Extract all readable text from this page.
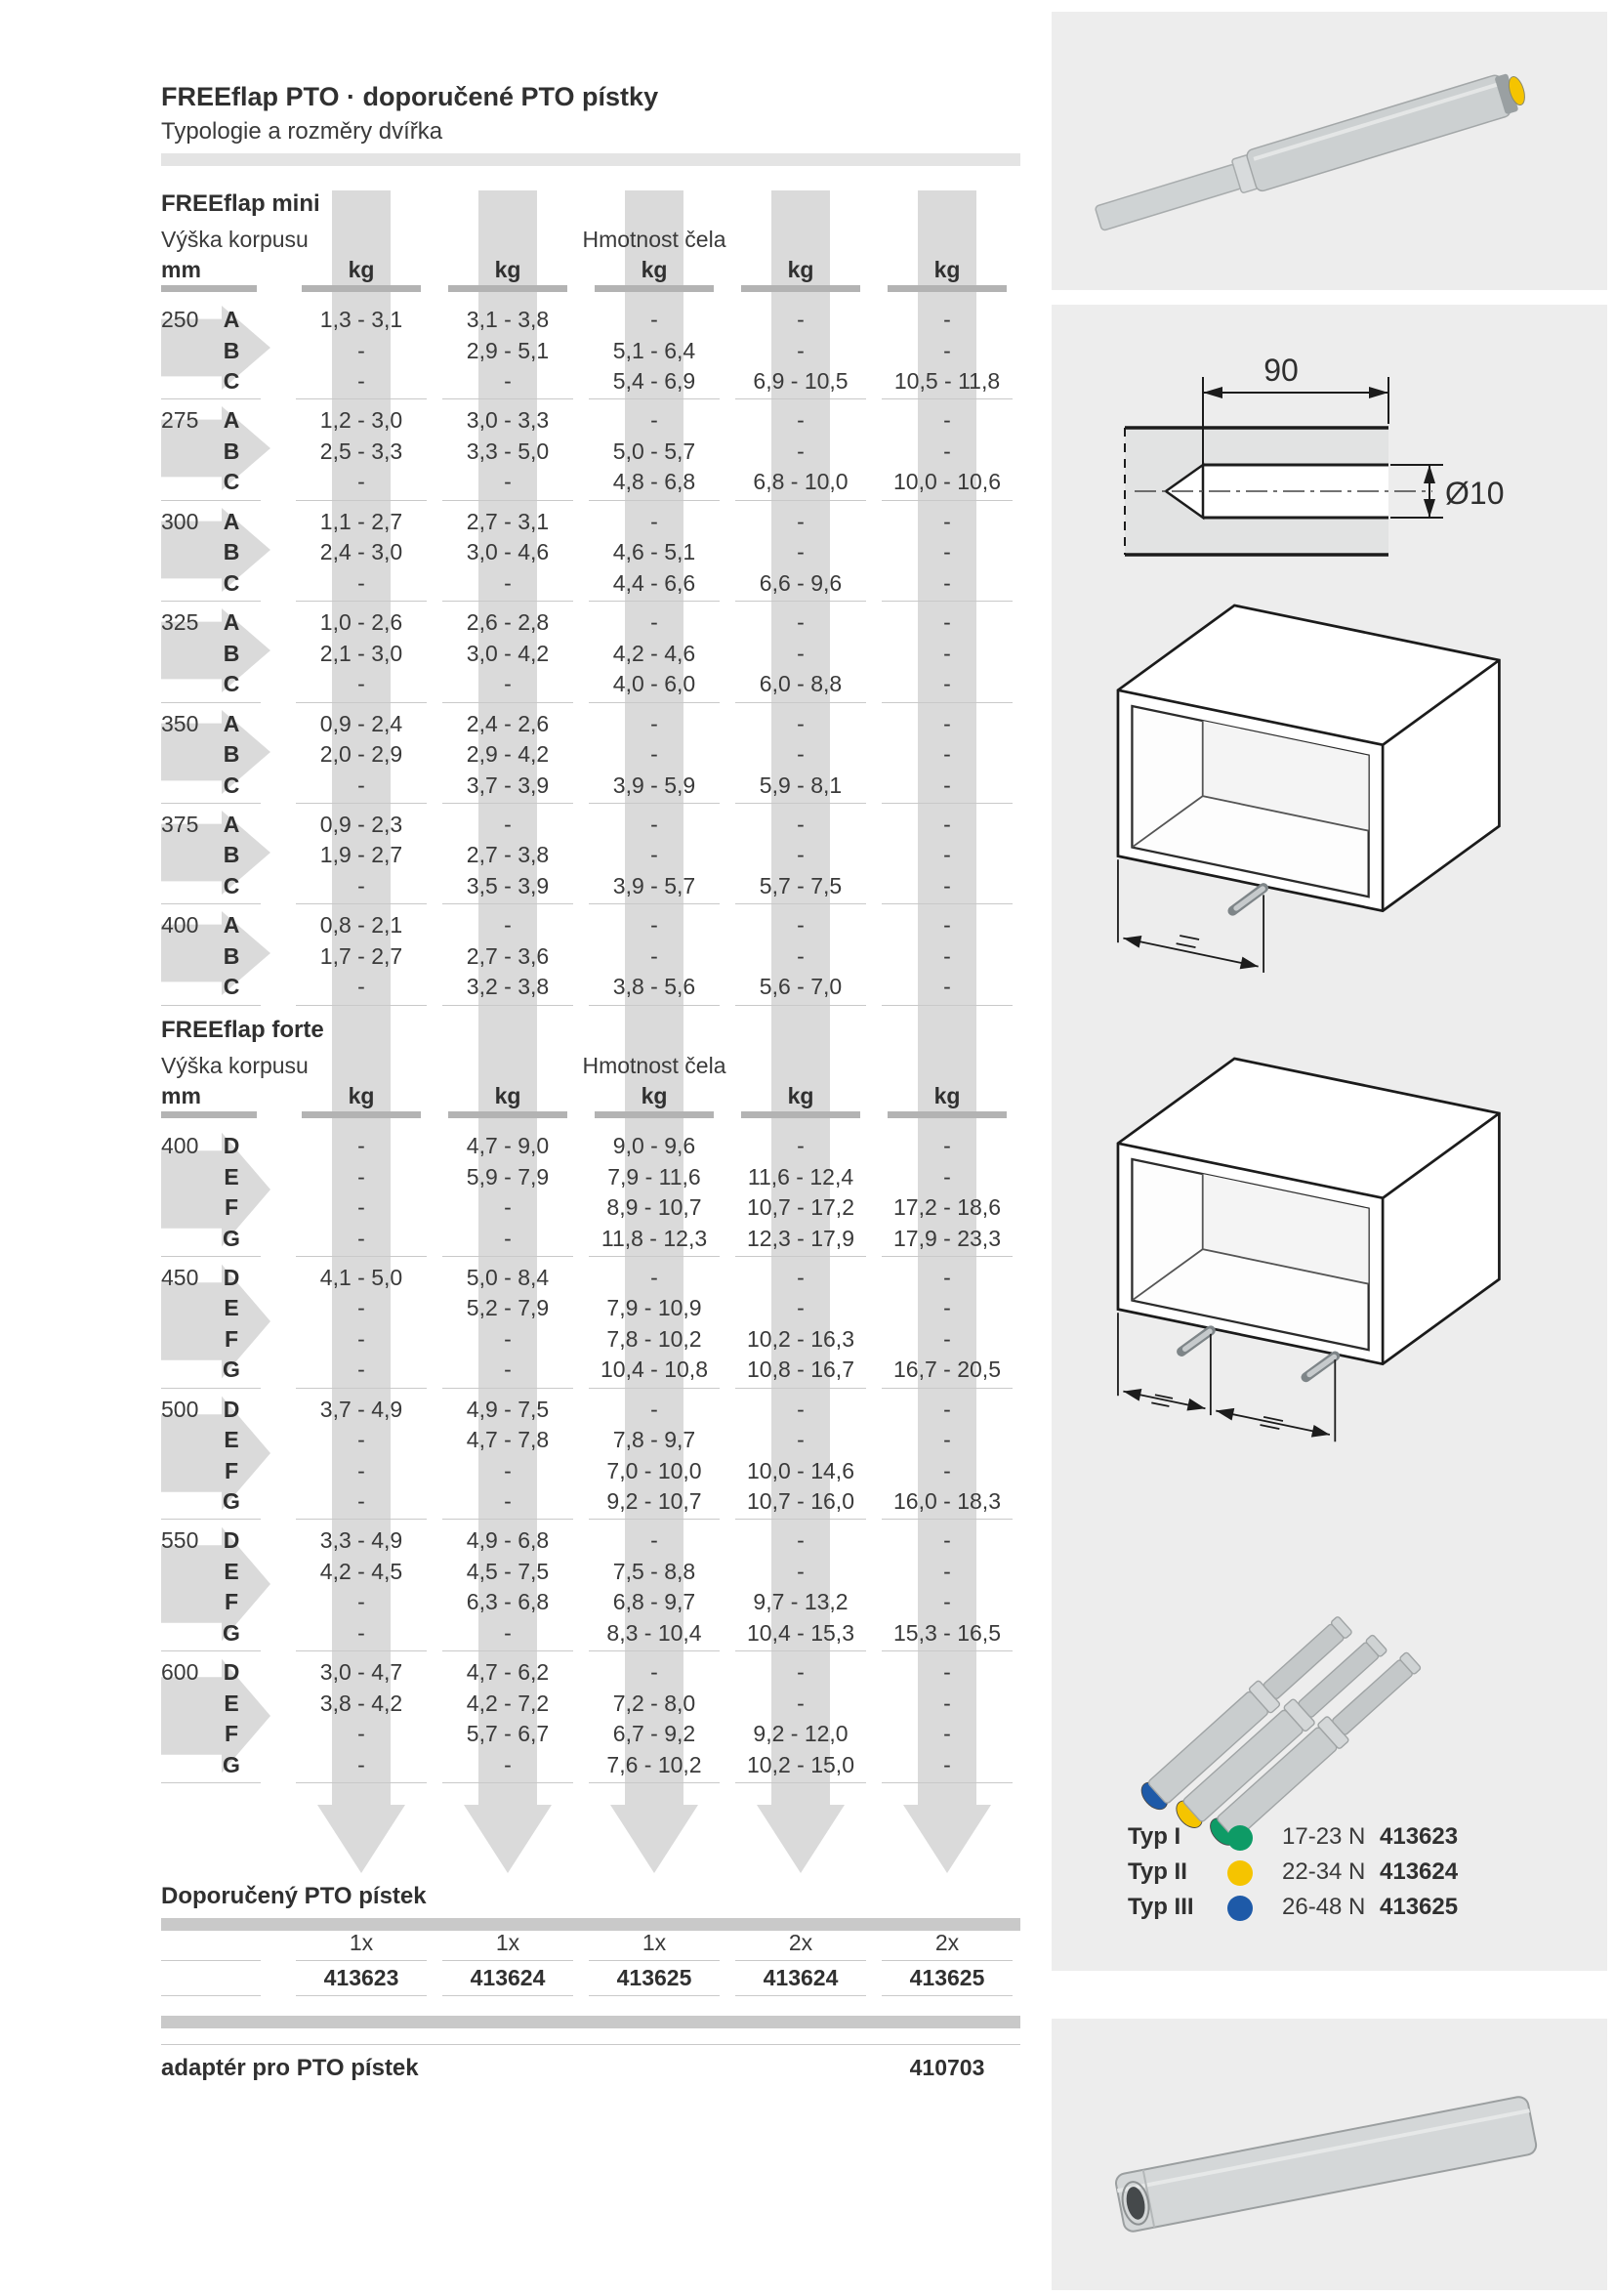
FREEflap PTO · doporučené PTO pístky
Typologie a rozměry dvířka
FREEflap mini
Výška korpusu	Hmotnost čela
mm	kg	kg	kg	kg	kg
250 A	1,3 - 3,1	3,1 - 3,8	-	-	-
B	-	2,9 - 5,1	5,1 - 6,4	-	-
C	-	-	5,4 - 6,9	6,9 - 10,5	10,5 - 11,8
275 A	1,2 - 3,0	3,0 - 3,3	-	-	-
B	2,5 - 3,3	3,3 - 5,0	5,0 - 5,7	-	-
C	-	-	4,8 - 6,8	6,8 - 10,0	10,0 - 10,6
300 A	1,1 - 2,7	2,7 - 3,1	-	-	-
B	2,4 - 3,0	3,0 - 4,6	4,6 - 5,1	-	-
C	-	-	4,4 - 6,6	6,6 - 9,6	-
325 A	1,0 - 2,6	2,6 - 2,8	-	-	-
B	2,1 - 3,0	3,0 - 4,2	4,2 - 4,6	-	-
C	-	-	4,0 - 6,0	6,0 - 8,8	-
350 A	0,9 - 2,4	2,4 - 2,6	-	-	-
B	2,0 - 2,9	2,9 - 4,2	-	-	-
C	-	3,7 - 3,9	3,9 - 5,9	5,9 - 8,1	-
375 A	0,9 - 2,3	-	-	-	-
B	1,9 - 2,7	2,7 - 3,8	-	-	-
C	-	3,5 - 3,9	3,9 - 5,7	5,7 - 7,5	-
400 A	0,8 - 2,1	-	-	-	-
B	1,7 - 2,7	2,7 - 3,6	-	-	-
C	-	3,2 - 3,8	3,8 - 5,6	5,6 - 7,0	-
FREEflap forte
Výška korpusu	Hmotnost čela
mm	kg	kg	kg	kg	kg
400 D	-	4,7 - 9,0	9,0 - 9,6	-	-
E	-	5,9 - 7,9	7,9 - 11,6	11,6 - 12,4	-
F	-	-	8,9 - 10,7	10,7 - 17,2	17,2 - 18,6
G	-	-	11,8 - 12,3	12,3 - 17,9	17,9 - 23,3
450 D	4,1 - 5,0	5,0 - 8,4	-	-	-
E	-	5,2 - 7,9	7,9 - 10,9	-	-
F	-	-	7,8 - 10,2	10,2 - 16,3	-
G	-	-	10,4 - 10,8	10,8 - 16,7	16,7 - 20,5
500 D	3,7 - 4,9	4,9 - 7,5	-	-	-
E	-	4,7 - 7,8	7,8 - 9,7	-	-
F	-	-	7,0 - 10,0	10,0 - 14,6	-
G	-	-	9,2 - 10,7	10,7 - 16,0	16,0 - 18,3
550 D	3,3 - 4,9	4,9 - 6,8	-	-	-
E	4,2 - 4,5	4,5 - 7,5	7,5 - 8,8	-	-
F	-	6,3 - 6,8	6,8 - 9,7	9,7 - 13,2	-
G	-	-	8,3 - 10,4	10,4 - 15,3	15,3 - 16,5
600 D	3,0 - 4,7	4,7 - 6,2	-	-	-
E	3,8 - 4,2	4,2 - 7,2	7,2 - 8,0	-	-
F	-	5,7 - 6,7	6,7 - 9,2	9,2 - 12,0	-
G	-	-	7,6 - 10,2	10,2 - 15,0	-
Doporučený PTO pístek
1x	1x	1x	2x	2x
413623	413624	413625	413624	413625
adaptér pro PTO pístek	410703
90
Ø10
Typ I	17-23 N 413623
Typ II	22-34 N 413624
Typ III	26-48 N 413625
